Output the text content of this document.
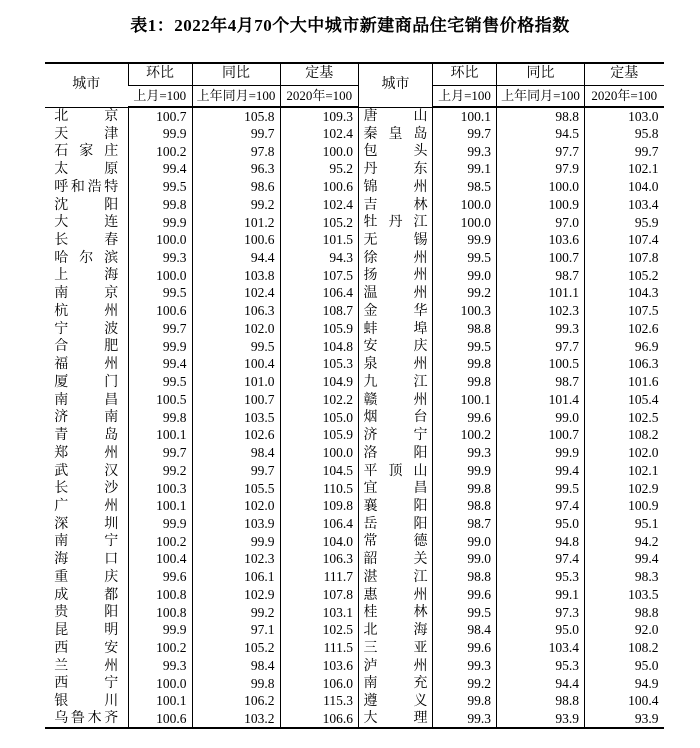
表1：2022年4月70个大中城市新建商品住宅销售价格指数
城市	环比	同比	定基
	上月=100	上年同月=100	2020年=100
北京	100.7	105.8	109.3
天津	99.9	99.7	102.4
石家庄	100.2	97.8	100.0
太原	99.4	96.3	95.2
呼和浩特	99.5	98.6	100.6
沈阳	99.8	99.2	102.4
大连	99.9	101.2	105.2
长春	100.0	100.6	101.5
哈尔滨	99.3	94.4	94.3
上海	100.0	103.8	107.5
南京	99.5	102.4	106.4
杭州	100.6	106.3	108.7
宁波	99.7	102.0	105.9
合肥	99.9	99.5	104.8
福州	99.4	100.4	105.3
厦门	99.5	101.0	104.9
南昌	100.5	100.7	102.2
济南	99.8	103.5	105.0
青岛	100.1	102.6	105.9
郑州	99.7	98.4	100.0
武汉	99.2	99.7	104.5
长沙	100.3	105.5	110.5
广州	100.1	102.0	109.8
深圳	99.9	103.9	106.4
南宁	100.2	99.9	104.0
海口	100.4	102.3	106.3
重庆	99.6	106.1	111.7
成都	100.8	102.9	107.8
贵阳	100.8	99.2	103.1
昆明	99.9	97.1	102.5
西安	100.2	105.2	111.5
兰州	99.3	98.4	103.6
西宁	100.0	99.8	106.0
银川	100.1	106.2	115.3
乌鲁木齐	100.6	103.2	106.6
城市	环比	同比	定基
	上月=100	上年同月=100	2020年=100
唐山	100.1	98.8	103.0
秦皇岛	99.7	94.5	95.8
包头	99.3	97.7	99.7
丹东	99.1	97.9	102.1
锦州	98.5	100.0	104.0
吉林	100.0	100.9	103.4
牡丹江	100.0	97.0	95.9
无锡	99.9	103.6	107.4
徐州	99.5	100.7	107.8
扬州	99.0	98.7	105.2
温州	99.2	101.1	104.3
金华	100.3	102.3	107.5
蚌埠	98.8	99.3	102.6
安庆	99.5	97.7	96.9
泉州	99.8	100.5	106.3
九江	99.8	98.7	101.6
赣州	100.1	101.4	105.4
烟台	99.6	99.0	102.5
济宁	100.2	100.7	108.2
洛阳	99.3	99.9	102.0
平顶山	99.9	99.4	102.1
宜昌	99.8	99.5	102.9
襄阳	98.8	97.4	100.9
岳阳	98.7	95.0	95.1
常德	99.0	94.8	94.2
韶关	99.0	97.4	99.4
湛江	98.8	95.3	98.3
惠州	99.6	99.1	103.5
桂林	99.5	97.3	98.8
北海	98.4	95.0	92.0
三亚	99.6	103.4	108.2
泸州	99.3	95.3	95.0
南充	99.2	94.4	94.9
遵义	99.8	98.8	100.4
大理	99.3	93.9	93.9
